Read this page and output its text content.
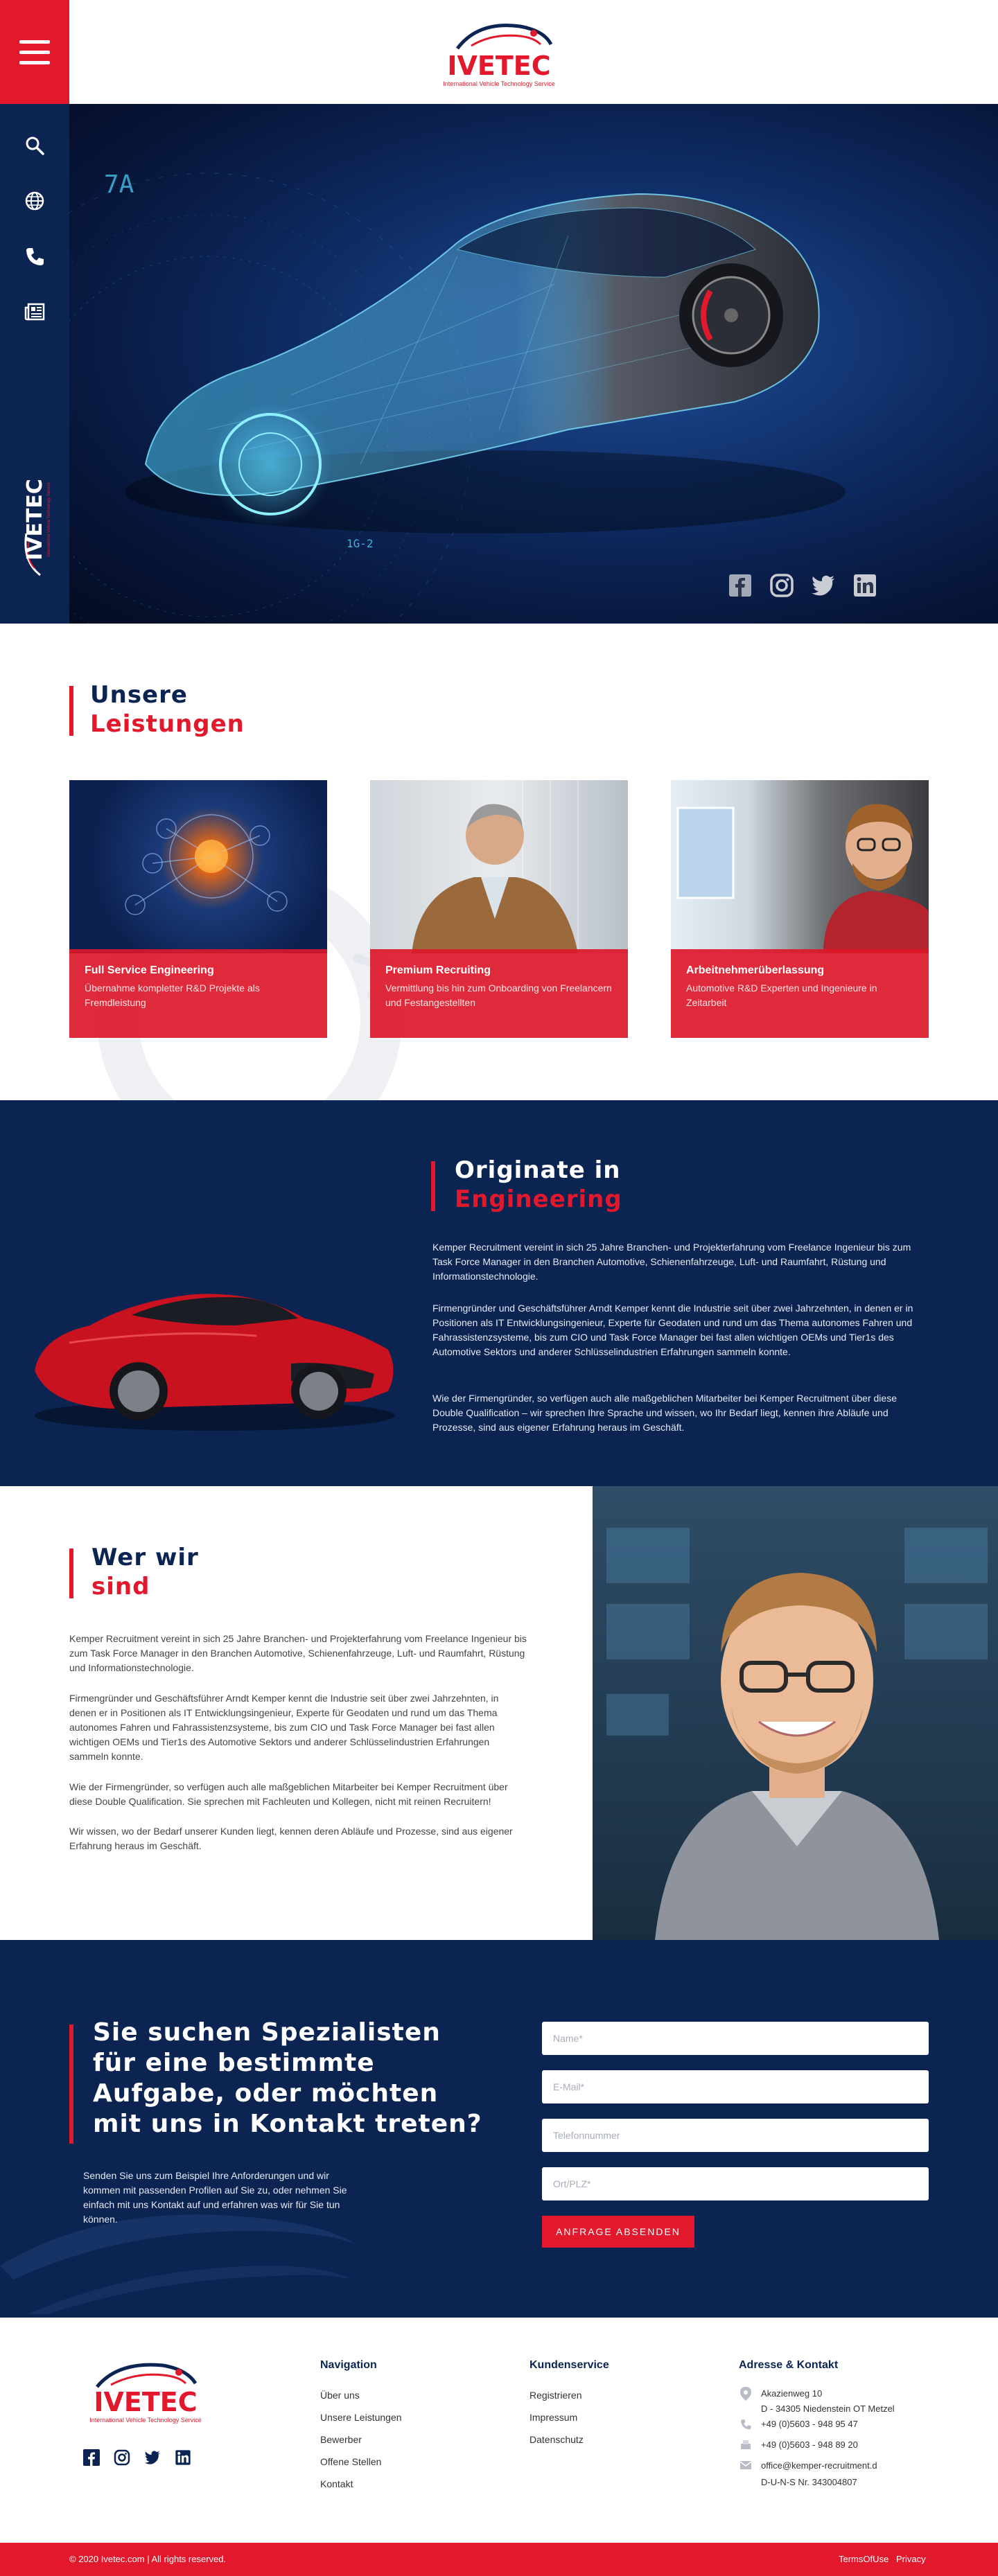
IVETEC
International Vehicle Technology Service
IVETEC International Vehicle Technology Service
7A
1G-2
Unsere
Leistungen
Full Service Engineering

Übernahme kompletter R&D Projekte als Fremdleistung

Premium Recruiting

Vermittlung bis hin zum Onboarding von Freelancern und Festangestellten

Arbeitnehmerüberlassung

Automotive R&D Experten und Ingenieure in Zeitarbeit

Originate in
Engineering

Kemper Recruitment vereint in sich 25 Jahre Branchen- und Projekterfahrung vom Freelance Ingenieur bis zum Task Force Manager in den Branchen Automotive, Schienenfahrzeuge, Luft- und Raumfahrt, Rüstung und Informationstechnologie.

Firmengründer und Geschäftsführer Arndt Kemper kennt die Industrie seit über zwei Jahrzehnten, in denen er in Positionen als IT Entwicklungsingenieur, Experte für Geodaten und rund um das Thema autonomes Fahren und Fahrassistenzsysteme, bis zum CIO und Task Force Manager bei fast allen wichtigen OEMs und Tier1s des Automotive Sektors und anderer Schlüsselindustrien Erfahrungen sammeln konnte.

Wie der Firmengründer, so verfügen auch alle maßgeblichen Mitarbeiter bei Kemper Recruitment über diese Double Qualification – wir sprechen Ihre Sprache und wissen, wo Ihr Bedarf liegt, kennen ihre Abläufe und Prozesse, sind aus eigener Erfahrung heraus im Geschäft.

Wer wir
sind

Kemper Recruitment vereint in sich 25 Jahre Branchen- und Projekterfahrung vom Freelance Ingenieur bis zum Task Force Manager in den Branchen Automotive, Schienenfahrzeuge, Luft- und Raumfahrt, Rüstung und Informationstechnologie.

Firmengründer und Geschäftsführer Arndt Kemper kennt die Industrie seit über zwei Jahrzehnten, in denen er in Positionen als IT Entwicklungsingenieur, Experte für Geodaten und rund um das Thema autonomes Fahren und Fahrassistenzsysteme, bis zum CIO und Task Force Manager bei fast allen wichtigen OEMs und Tier1s des Automotive Sektors und anderer Schlüsselindustrien Erfahrungen sammeln konnte.

Wie der Firmengründer, so verfügen auch alle maßgeblichen Mitarbeiter bei Kemper Recruitment über diese Double Qualification. Sie sprechen mit Fachleuten und Kollegen, nicht mit reinen Recruitern!

Wir wissen, wo der Bedarf unserer Kunden liegt, kennen deren Abläufe und Prozesse, sind aus eigener Erfahrung heraus im Geschäft.

Sie suchen Spezialisten
für eine bestimmte
Aufgabe, oder möchten
mit uns in Kontakt treten?

Senden Sie uns zum Beispiel Ihre Anforderungen und wir
kommen mit passenden Profilen auf Sie zu, oder nehmen Sie
einfach mit uns Kontakt auf und erfahren was wir für Sie tun
können.

Name*
E-Mail*
Telefonnummer
Ort/PLZ*
ANFRAGE ABSENDEN
IVETEC
International Vehicle Technology Service
Navigation
Über uns
Unsere Leistungen
Bewerber
Offene Stellen
Kontakt
Kundenservice
Registrieren
Impressum
Datenschutz
Adresse & Kontakt
Akazienweg 10
D - 34305 Niedenstein OT Metzel
+49 (0)5603 - 948 95 47
+49 (0)5603 - 948 89 20
office@kemper-recruitment.d
D-U-N-S Nr. 343004807
© 2020 Ivetec.com | All rights reserved.	TermsOfUse Privacy
